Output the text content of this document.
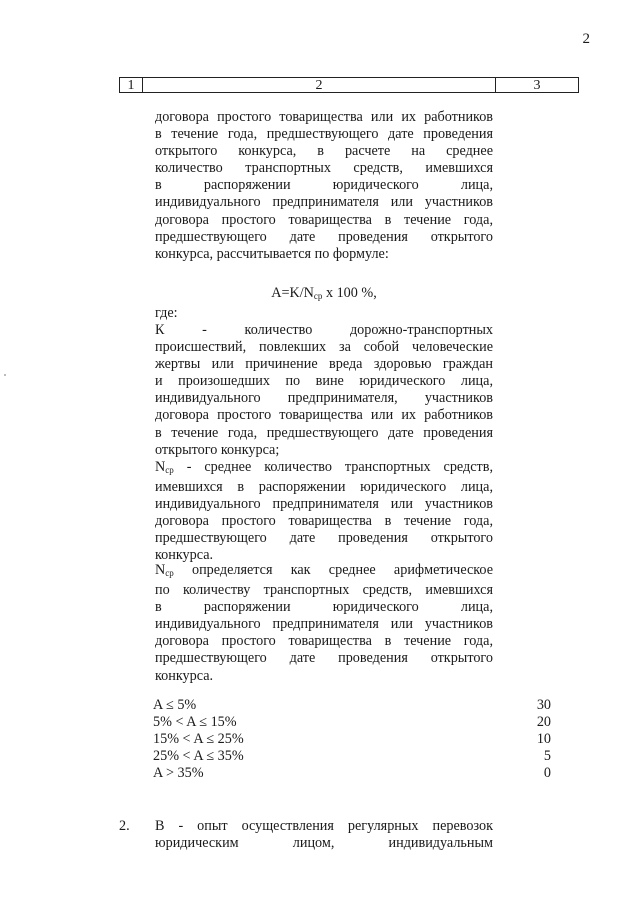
2
1	2	3
договора простого товарищества или их работников
в течение года, предшествующего дате проведения
открытого конкурса, в расчете на среднее
количество транспортных средств, имевшихся
в распоряжении юридического лица,
индивидуального предпринимателя или участников
договора простого товарищества в течение года,
предшествующего дате проведения открытого
конкурса, рассчитывается по формуле:
$A=K/N_{ср}$ x 100 %,
где:
К - количество дорожно-транспортных
происшествий, повлекших за собой человеческие
жертвы или причинение вреда здоровью граждан
и произошедших по вине юридического лица,
индивидуального предпринимателя, участников
договора простого товарищества или их работников
в течение года, предшествующего дате проведения
открытого конкурса;
$N_{ср}$ - среднее количество транспортных средств,
имевшихся в распоряжении юридического лица,
индивидуального предпринимателя или участников
договора простого товарищества в течение года,
предшествующего дате проведения открытого
конкурса.
$N_{ср}$ определяется как среднее арифметическое
по количеству транспортных средств, имевшихся
в распоряжении юридического лица,
индивидуального предпринимателя или участников
договора простого товарищества в течение года,
предшествующего дате проведения открытого
конкурса.
A ≤ 5%	30
5% < A ≤ 15%	20
15% < A ≤ 25%	10
25% < A ≤ 35%	5
A > 35%	0
2. B - опыт осуществления регулярных перевозок
юридическим лицом, индивидуальным
